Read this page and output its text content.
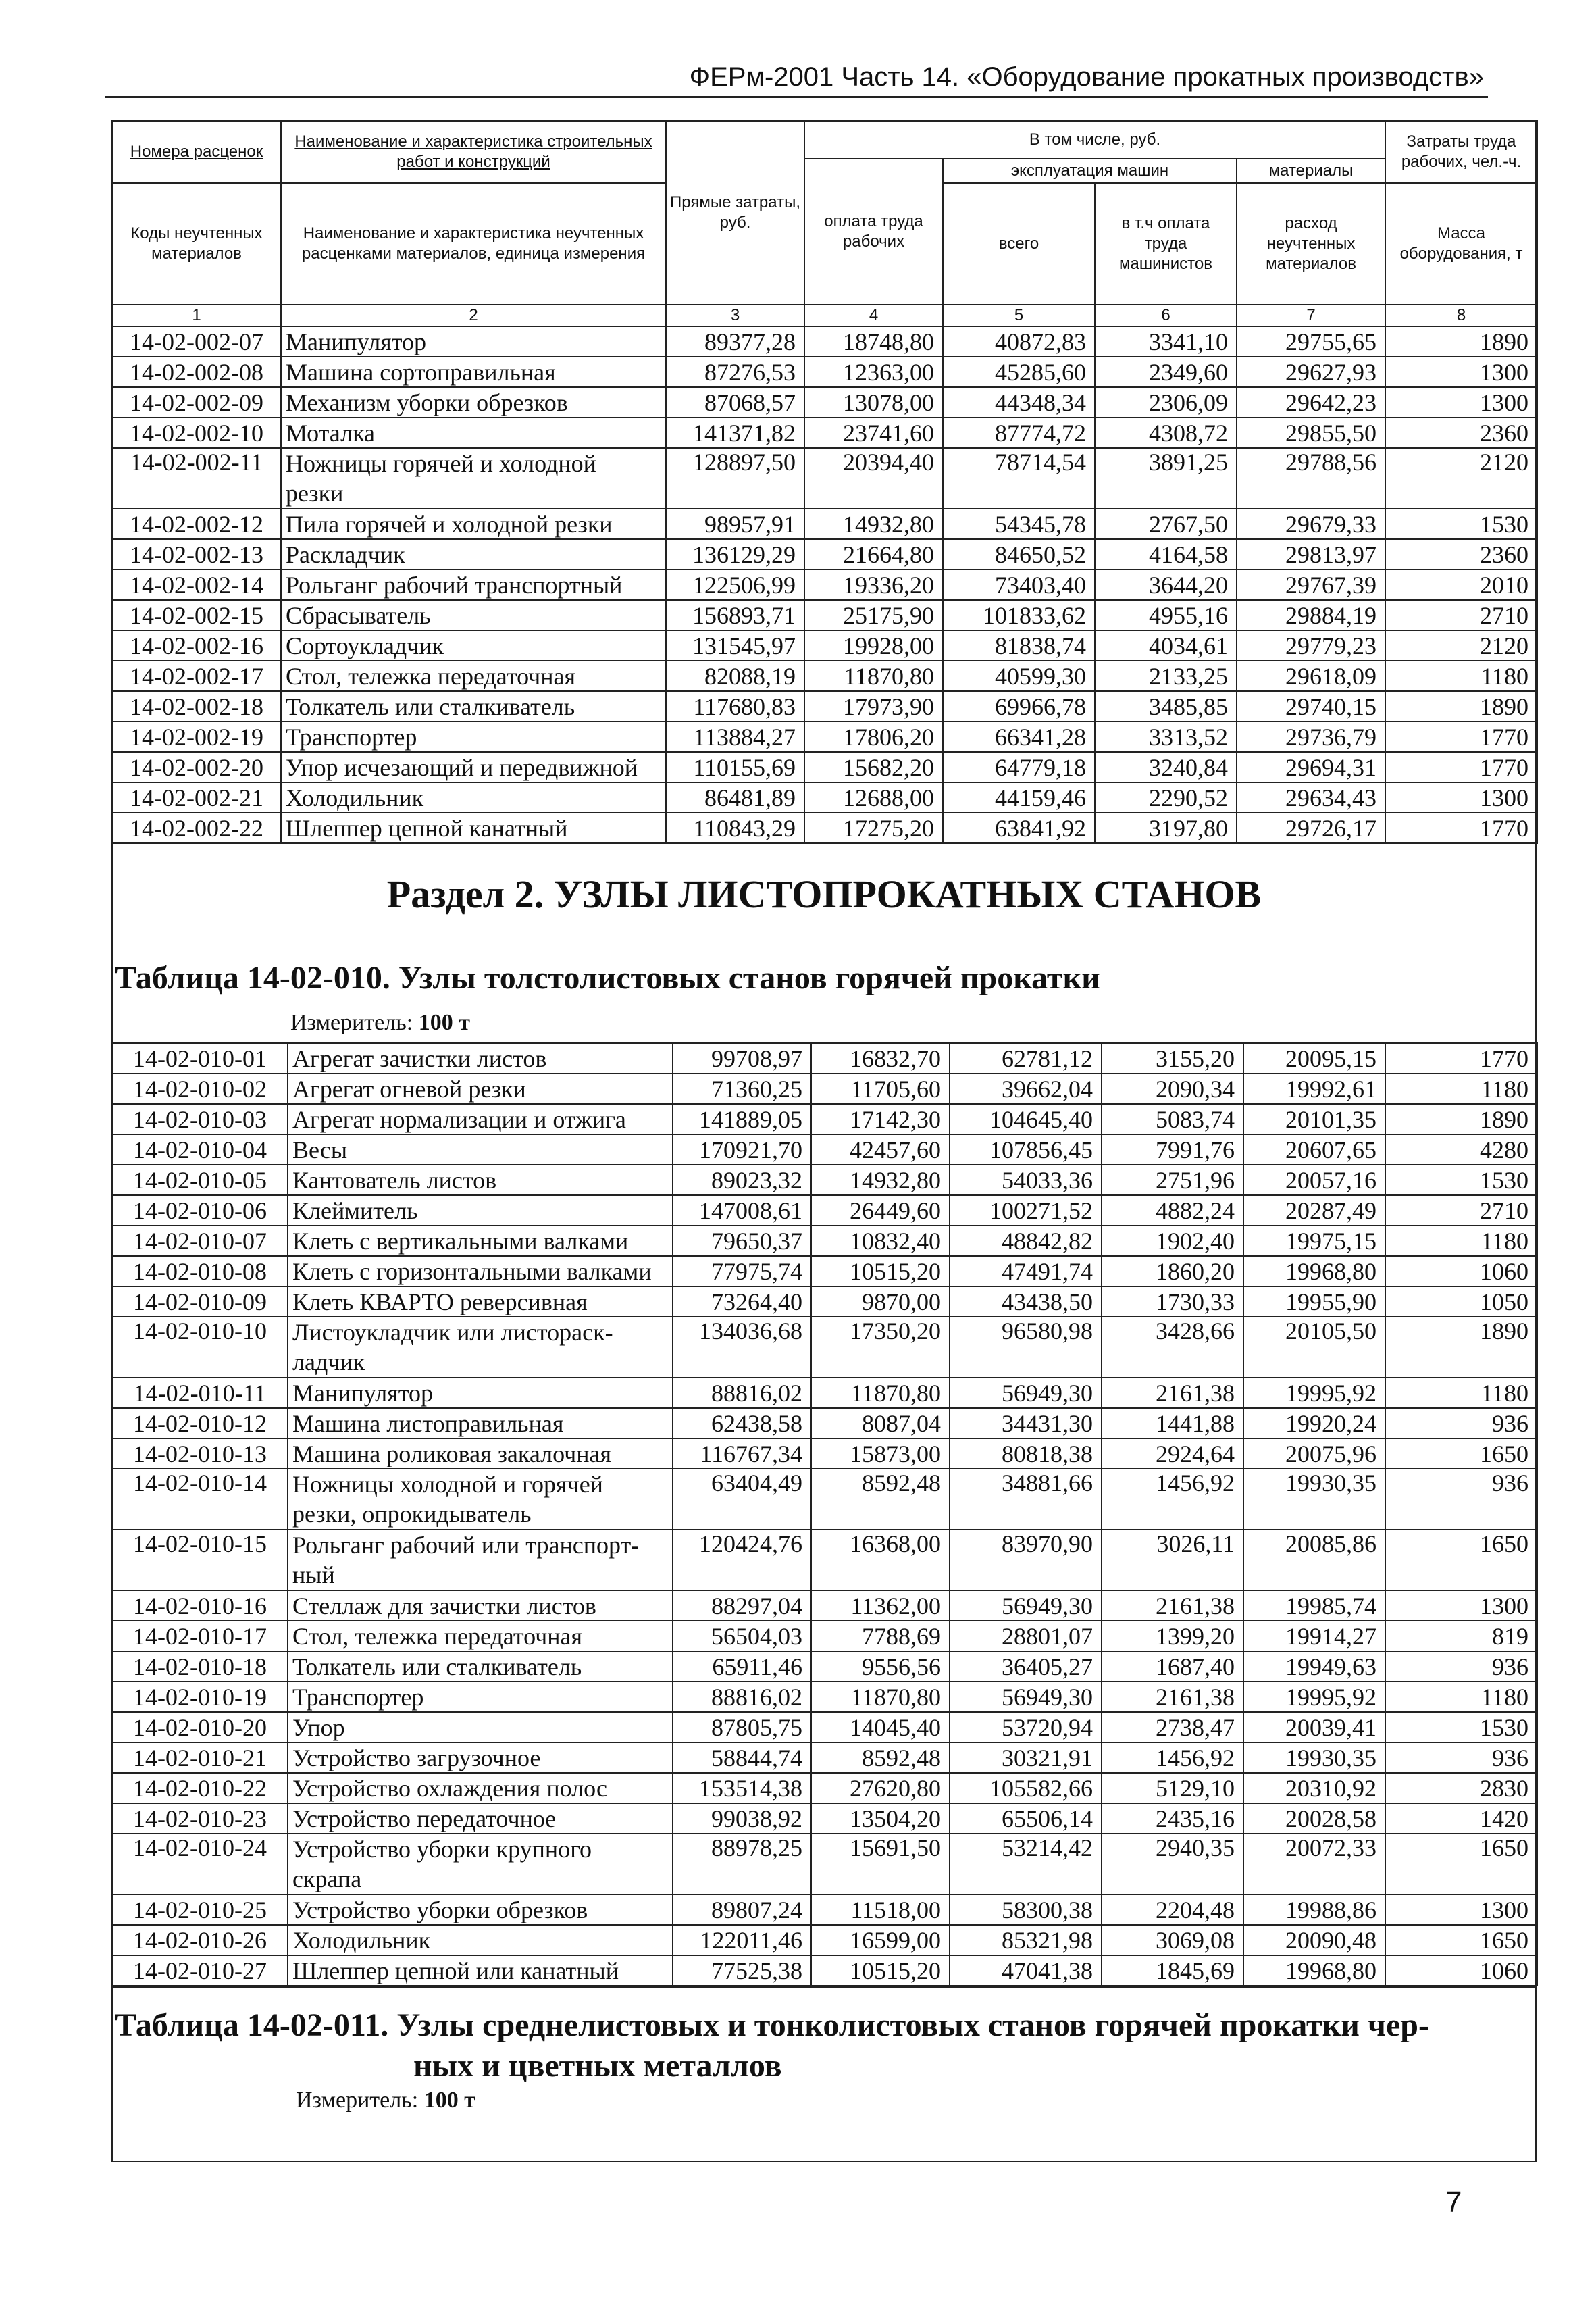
ФЕРм-2001 Часть 14. «Оборудование прокатных производств»
Номера расценок	Наименование и характеристика строительных работ и конструкций	Прямые затраты, руб.	В том числе, руб.				Затраты труда рабочих, чел.-ч.
			оплата труда рабочих	эксплуатация машин		материалы	
Коды неучтенных материалов	Наименование и характеристика неучтенных расценками материалов, единица измерения			всего	в т.ч оплата труда машинистов	расход неучтенных материалов	Масса оборудования, т

1	2	3	4	5	6	7	8
14-02-002-07	Манипулятор	89377,28	18748,80	40872,83	3341,10	29755,65	1890
14-02-002-08	Машина сортоправильная	87276,53	12363,00	45285,60	2349,60	29627,93	1300
14-02-002-09	Механизм уборки обрезков	87068,57	13078,00	44348,34	2306,09	29642,23	1300
14-02-002-10	Моталка	141371,82	23741,60	87774,72	4308,72	29855,50	2360
14-02-002-11	Ножницы горячей и холодной резки	128897,50	20394,40	78714,54	3891,25	29788,56	2120
14-02-002-12	Пила горячей и холодной резки	98957,91	14932,80	54345,78	2767,50	29679,33	1530
14-02-002-13	Раскладчик	136129,29	21664,80	84650,52	4164,58	29813,97	2360
14-02-002-14	Рольганг рабочий транспортный	122506,99	19336,20	73403,40	3644,20	29767,39	2010
14-02-002-15	Сбрасыватель	156893,71	25175,90	101833,62	4955,16	29884,19	2710
14-02-002-16	Сортоукладчик	131545,97	19928,00	81838,74	4034,61	29779,23	2120
14-02-002-17	Стол, тележка передаточная	82088,19	11870,80	40599,30	2133,25	29618,09	1180
14-02-002-18	Толкатель или сталкиватель	117680,83	17973,90	69966,78	3485,85	29740,15	1890
14-02-002-19	Транспортер	113884,27	17806,20	66341,28	3313,52	29736,79	1770
14-02-002-20	Упор исчезающий и передвижной	110155,69	15682,20	64779,18	3240,84	29694,31	1770
14-02-002-21	Холодильник	86481,89	12688,00	44159,46	2290,52	29634,43	1300
14-02-002-22	Шлеппер цепной канатный	110843,29	17275,20	63841,92	3197,80	29726,17	1770
Раздел 2. УЗЛЫ ЛИСТОПРОКАТНЫХ СТАНОВ
Таблица 14-02-010. Узлы толстолистовых станов горячей прокатки
Измеритель: 100 т
14-02-010-01	Агрегат зачистки листов	99708,97	16832,70	62781,12	3155,20	20095,15	1770
14-02-010-02	Агрегат огневой резки	71360,25	11705,60	39662,04	2090,34	19992,61	1180
14-02-010-03	Агрегат нормализации и отжига	141889,05	17142,30	104645,40	5083,74	20101,35	1890
14-02-010-04	Весы	170921,70	42457,60	107856,45	7991,76	20607,65	4280
14-02-010-05	Кантователь листов	89023,32	14932,80	54033,36	2751,96	20057,16	1530
14-02-010-06	Клеймитель	147008,61	26449,60	100271,52	4882,24	20287,49	2710
14-02-010-07	Клеть с вертикальными валками	79650,37	10832,40	48842,82	1902,40	19975,15	1180
14-02-010-08	Клеть с горизонтальными валками	77975,74	10515,20	47491,74	1860,20	19968,80	1060
14-02-010-09	Клеть КВАРТО реверсивная	73264,40	9870,00	43438,50	1730,33	19955,90	1050
14-02-010-10	Листоукладчик или листораск-ладчик	134036,68	17350,20	96580,98	3428,66	20105,50	1890
14-02-010-11	Манипулятор	88816,02	11870,80	56949,30	2161,38	19995,92	1180
14-02-010-12	Машина листоправильная	62438,58	8087,04	34431,30	1441,88	19920,24	936
14-02-010-13	Машина роликовая закалочная	116767,34	15873,00	80818,38	2924,64	20075,96	1650
14-02-010-14	Ножницы холодной и горячей резки, опрокидыватель	63404,49	8592,48	34881,66	1456,92	19930,35	936
14-02-010-15	Рольганг рабочий или транспорт-ный	120424,76	16368,00	83970,90	3026,11	20085,86	1650
14-02-010-16	Стеллаж для зачистки листов	88297,04	11362,00	56949,30	2161,38	19985,74	1300
14-02-010-17	Стол, тележка передаточная	56504,03	7788,69	28801,07	1399,20	19914,27	819
14-02-010-18	Толкатель или сталкиватель	65911,46	9556,56	36405,27	1687,40	19949,63	936
14-02-010-19	Транспортер	88816,02	11870,80	56949,30	2161,38	19995,92	1180
14-02-010-20	Упор	87805,75	14045,40	53720,94	2738,47	20039,41	1530
14-02-010-21	Устройство загрузочное	58844,74	8592,48	30321,91	1456,92	19930,35	936
14-02-010-22	Устройство охлаждения полос	153514,38	27620,80	105582,66	5129,10	20310,92	2830
14-02-010-23	Устройство передаточное	99038,92	13504,20	65506,14	2435,16	20028,58	1420
14-02-010-24	Устройство уборки крупного скрапа	88978,25	15691,50	53214,42	2940,35	20072,33	1650
14-02-010-25	Устройство уборки обрезков	89807,24	11518,00	58300,38	2204,48	19988,86	1300
14-02-010-26	Холодильник	122011,46	16599,00	85321,98	3069,08	20090,48	1650
14-02-010-27	Шлеппер цепной или канатный	77525,38	10515,20	47041,38	1845,69	19968,80	1060
Таблица 14-02-011. Узлы среднелистовых и тонколистовых станов горячей прокатки чер-
ных и цветных металлов
Измеритель: 100 т
7
